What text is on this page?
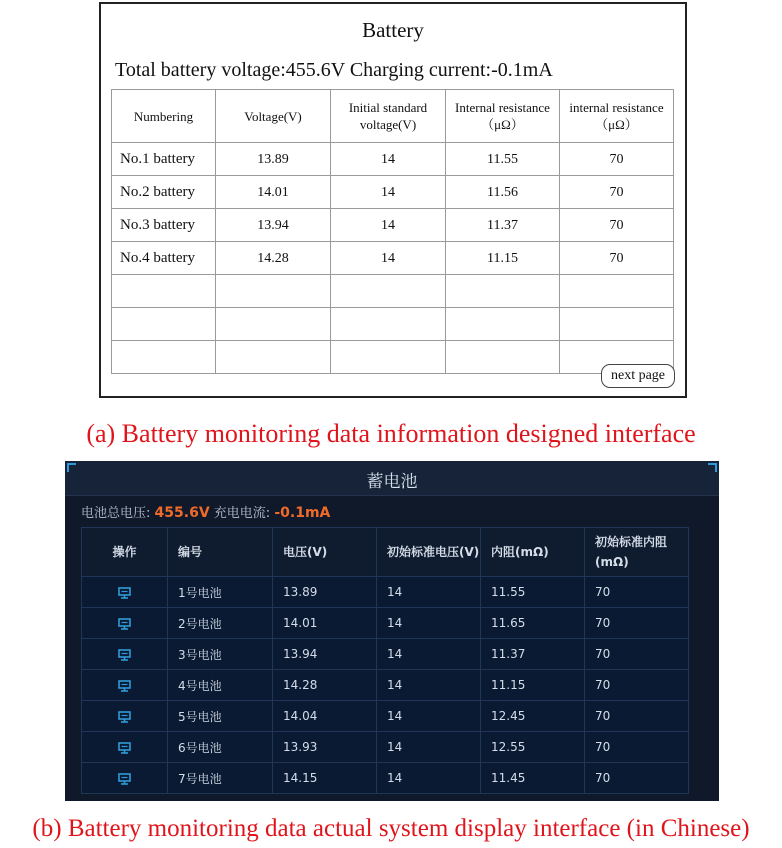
Battery
Total battery voltage:455.6V Charging current:-0.1mA
Numbering	Voltage(V)	Initial standard voltage(V)	Internal resistance（μΩ）	internal resistance（μΩ）
No.1 battery	13.89	14	11.55	70
No.2 battery	14.01	14	11.56	70
No.3 battery	13.94	14	11.37	70
No.4 battery	14.28	14	11.15	70

next page
(a) Battery monitoring data information designed interface
蓄电池
电池总电压: 455.6V 充电电流: -0.1mA
操作	编号	电压(V)	初始标准电压(V)	内阻(mΩ)	初始标准内阻(mΩ)
	1号电池	13.89	14	11.55	70
	2号电池	14.01	14	11.65	70
	3号电池	13.94	14	11.37	70
	4号电池	14.28	14	11.15	70
	5号电池	14.04	14	12.45	70
	6号电池	13.93	14	12.55	70
	7号电池	14.15	14	11.45	70
(b) Battery monitoring data actual system display interface (in Chinese)
